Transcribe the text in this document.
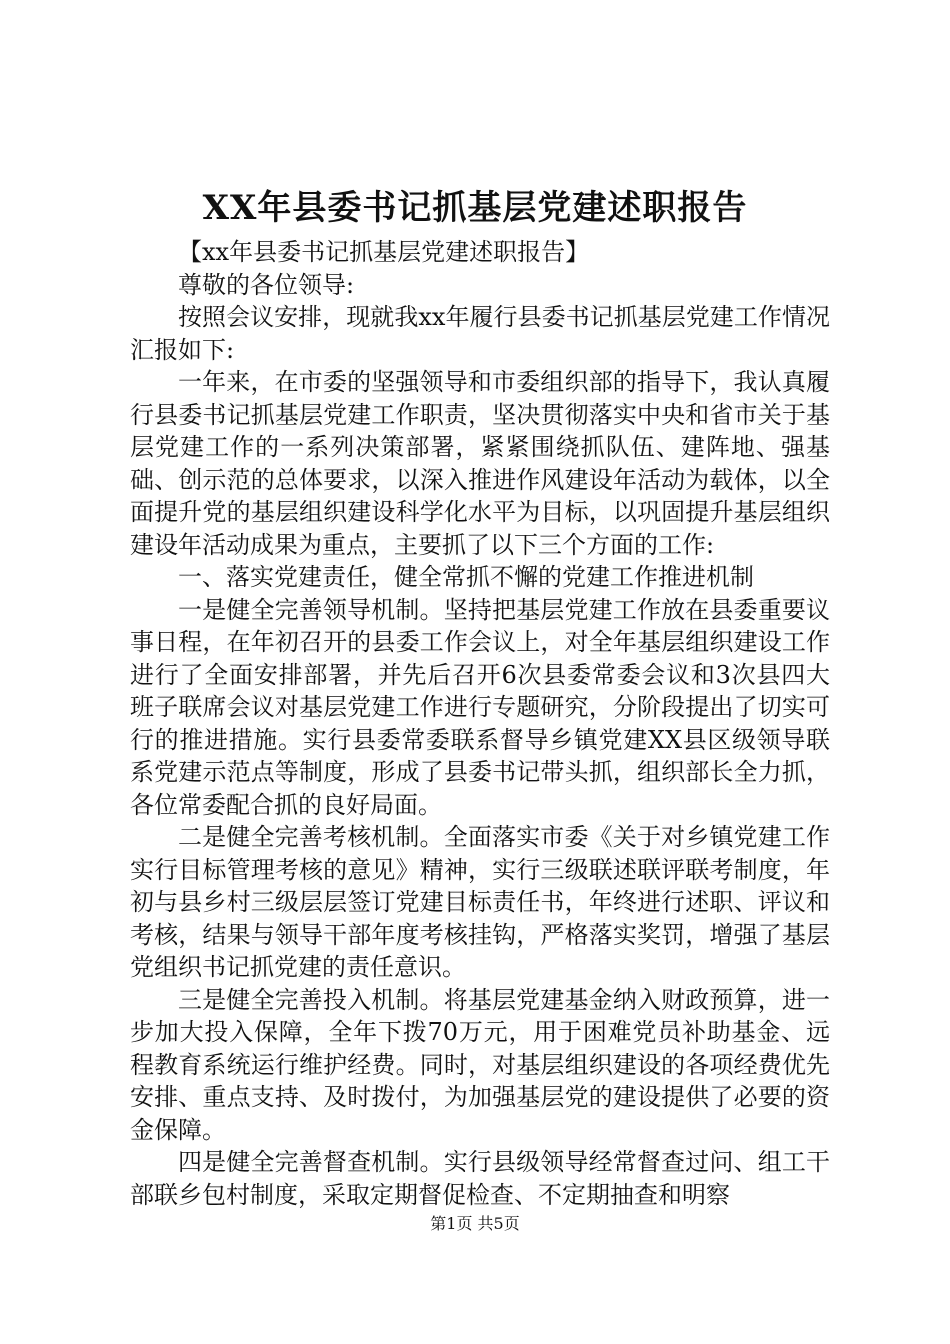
XX年县委书记抓基层党建述职报告

【xx年县委书记抓基层党建述职报告】

尊敬的各位领导:

按照会议安排，现就我xx年履行县委书记抓基层党建工作情况汇报如下:

一年来，在市委的坚强领导和市委组织部的指导下，我认真履行县委书记抓基层党建工作职责，坚决贯彻落实中央和省市关于基层党建工作的一系列决策部署，紧紧围绕抓队伍、建阵地、强基础、创示范的总体要求，以深入推进作风建设年活动为载体，以全面提升党的基层组织建设科学化水平为目标，以巩固提升基层组织建设年活动成果为重点，主要抓了以下三个方面的工作:

一、落实党建责任，健全常抓不懈的党建工作推进机制

一是健全完善领导机制。坚持把基层党建工作放在县委重要议事日程，在年初召开的县委工作会议上，对全年基层组织建设工作进行了全面安排部署，并先后召开6次县委常委会议和3次县四大班子联席会议对基层党建工作进行专题研究，分阶段提出了切实可行的推进措施。实行县委常委联系督导乡镇党建XX县区级领导联系党建示范点等制度，形成了县委书记带头抓，组织部长全力抓，各位常委配合抓的良好局面。

二是健全完善考核机制。全面落实市委《关于对乡镇党建工作实行目标管理考核的意见》精神，实行三级联述联评联考制度，年初与县乡村三级层层签订党建目标责任书，年终进行述职、评议和考核，结果与领导干部年度考核挂钩，严格落实奖罚，增强了基层党组织书记抓党建的责任意识。

三是健全完善投入机制。将基层党建基金纳入财政预算，进一步加大投入保障，全年下拨70万元，用于困难党员补助基金、远程教育系统运行维护经费。同时，对基层组织建设的各项经费优先安排、重点支持、及时拨付，为加强基层党的建设提供了必要的资金保障。

四是健全完善督查机制。实行县级领导经常督查过问、组工干部联乡包村制度，采取定期督促检查、不定期抽查和明察

第1页 共5页
